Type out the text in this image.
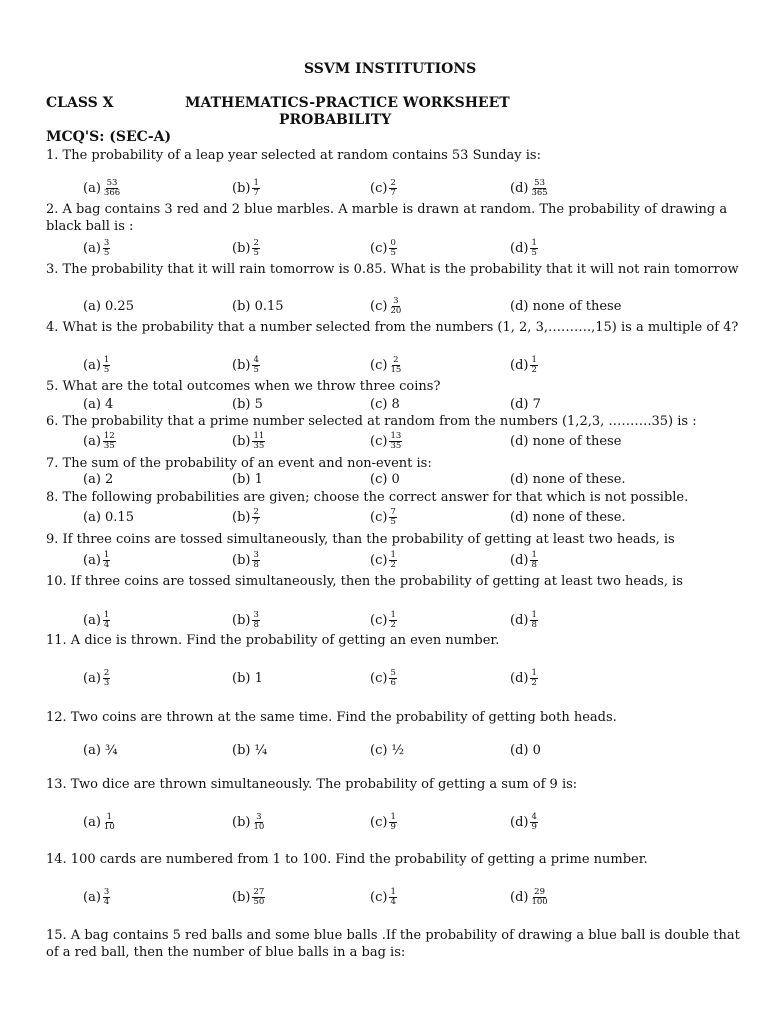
SSVM INSTITUTIONS
CLASS X	MATHEMATICS-PRACTICE WORKSHEET
PROBABILITY
MCQ'S: (SEC-A)
1. The probability of a leap year selected at random contains 53 Sunday is:
$(a) \frac{53}{366}$	$(b) \frac{1}{7}$	$(c) \frac{2}{7}$	$(d) \frac{53}{365}$
2. A bag contains 3 red and 2 blue marbles. A marble is drawn at random. The probability of drawing a black ball is :
$(a) \frac{3}{5}$	$(b) \frac{2}{5}$	$(c) \frac{0}{5}$	$(d) \frac{1}{5}$
3. The probability that it will rain tomorrow is 0.85. What is the probability that it will not rain tomorrow
(a) 0.25	(b) 0.15	$(c) \frac{3}{20}$	(d) none of these
4. What is the probability that a number selected from the numbers (1, 2, 3,……….,15) is a multiple of 4?
$(a) \frac{1}{5}$	$(b) \frac{4}{5}$	$(c) \frac{2}{15}$	$(d) \frac{1}{2}$
5. What are the total outcomes when we throw three coins?
(a) 4	(b) 5	(c) 8	(d) 7
6. The probability that a prime number selected at random from the numbers (1,2,3, ……….35) is :
$(a) \frac{12}{35}$	$(b) \frac{11}{35}$	$(c) \frac{13}{35}$	(d) none of these
7. The sum of the probability of an event and non-event is:
(a) 2	(b) 1	(c) 0	(d) none of these.
8. The following probabilities are given; choose the correct answer for that which is not possible.
(a) 0.15	$(b) \frac{2}{7}$	$(c) \frac{7}{5}$	(d) none of these.
9. If three coins are tossed simultaneously, than the probability of getting at least two heads, is
$(a) \frac{1}{4}$	$(b) \frac{3}{8}$	$(c) \frac{1}{2}$	$(d) \frac{1}{8}$
10. If three coins are tossed simultaneously, then the probability of getting at least two heads, is
$(a) \frac{1}{4}$	$(b) \frac{3}{8}$	$(c) \frac{1}{2}$	$(d) \frac{1}{8}$
11. A dice is thrown. Find the probability of getting an even number.
$(a) \frac{2}{3}$	(b) 1	$(c) \frac{5}{6}$	$(d) \frac{1}{2}$
12. Two coins are thrown at the same time. Find the probability of getting both heads.
(a) ¾	(b) ¼	(c) ½	(d) 0
13. Two dice are thrown simultaneously. The probability of getting a sum of 9 is:
$(a) \frac{1}{10}$	$(b) \frac{3}{10}$	$(c) \frac{1}{9}$	$(d) \frac{4}{9}$
14. 100 cards are numbered from 1 to 100. Find the probability of getting a prime number.
$(a) \frac{3}{4}$	$(b) \frac{27}{50}$	$(c) \frac{1}{4}$	$(d) \frac{29}{100}$
15. A bag contains 5 red balls and some blue balls .If the probability of drawing a blue ball is double that of a red ball, then the number of blue balls in a bag is:
